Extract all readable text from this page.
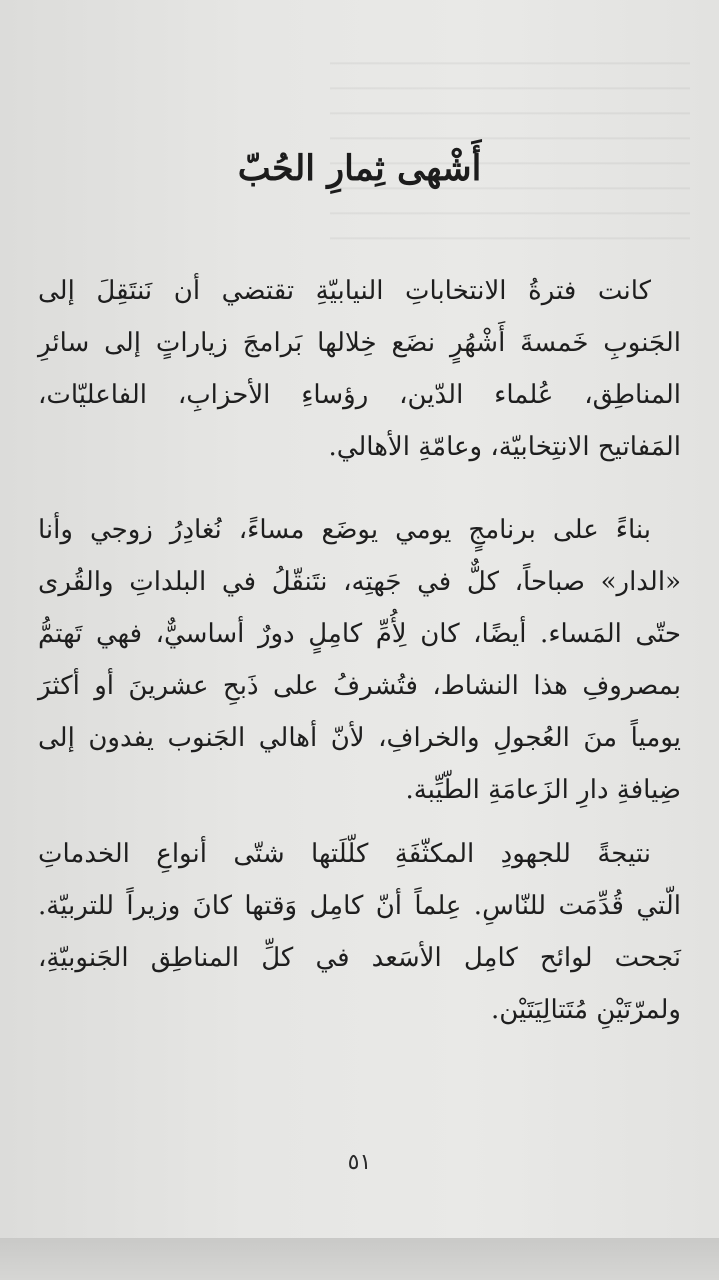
أَشْهى ثِمارِ الحُبّ
كانت فترةُ الانتخاباتِ النيابيّةِ تقتضي أن نَنتَقِلَ إلى
الجَنوبِ خَمسةَ أَشْهُرٍ نضَع خِلالها بَرامجَ زياراتٍ إلى سائرِ
المناطِق، عُلماء الدّين، رؤساءِ الأحزابِ، الفاعليّات،
المَفاتيح الانتِخابيّة، وعامّةِ الأهالي.
بناءً على برنامجٍ يومي يوضَع مساءً، نُغادِرُ زوجي وأنا
«الدار» صباحاً، كلٌّ في جَهتِه، نتَنقّلُ في البلداتِ والقُرى
حتّى المَساء. أيضًا، كان لِأُمِّ كامِلٍ دورٌ أساسيٌّ، فهي تَهتمُّ
بمصروفِ هذا النشاط، فتُشرفُ على ذَبحِ عشرينَ أو أكثرَ
يومياً منَ العُجولِ والخرافِ، لأنّ أهالي الجَنوب يفدون إلى
ضِيافةِ دارِ الزَعامَةِ الطّيِّبة.
نتيجةً للجهودِ المكثّفَةِ كلّلَتها شتّى أنواعِ الخدماتِ
الّتي قُدِّمَت للنّاسِ. عِلماً أنّ كامِل وَقتها كانَ وزيراً للتربيّة.
نَجحت لوائح كامِل الأسَعد في كلِّ المناطِق الجَنوبيّةِ،
ولمرّتَيْنِ مُتَتالِيَتَيْن.
٥١
